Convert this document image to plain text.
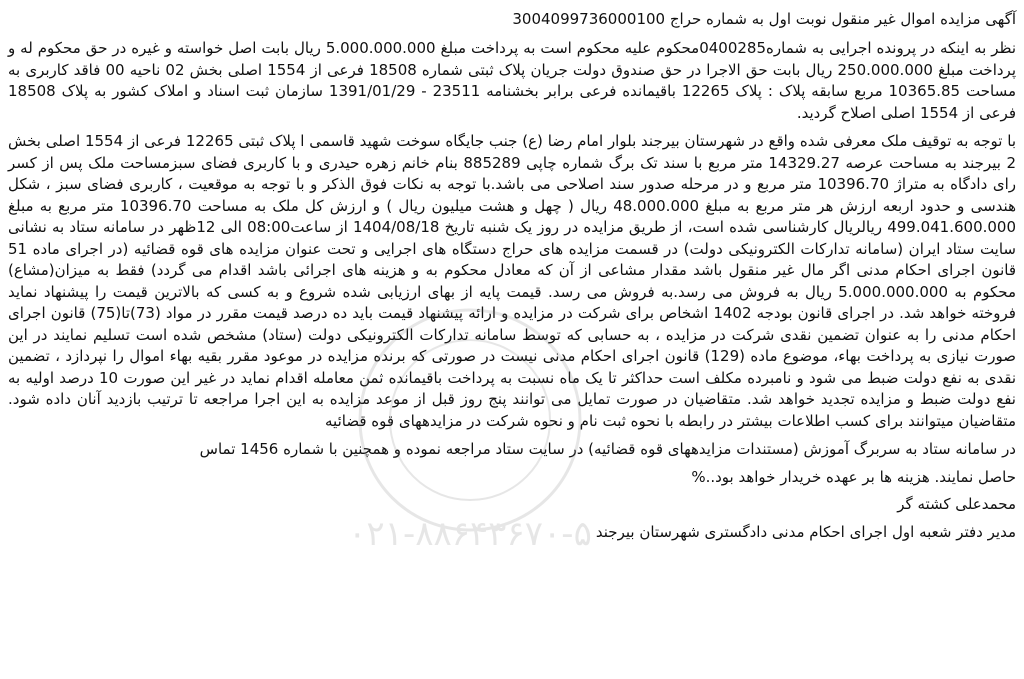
آگهی مزایده اموال غیر منقول نوبت اول به شماره حراج 3004099736000100
نظر به اینکه در پرونده اجرایی به شماره0400285محکوم علیه محکوم است به پرداخت مبلغ 5.000.000.000 ریال بابت اصل خواسته و غیره در حق محکوم له و پرداخت مبلغ 250.000.000 ریال بابت حق الاجرا در حق صندوق دولت جریان پلاک ثبتی شماره 18508 فرعی از 1554 اصلی بخش 02 ناحیه 00 فاقد کاربری به مساحت 10365.85 مربع سابقه پلاک : پلاک 12265 باقیمانده فرعی برابر بخشنامه 23511 - 1391/01/29 سازمان ثبت اسناد و املاک کشور به پلاک 18508 فرعی از 1554 اصلی اصلاح گردید.
با توجه به توقیف ملک معرفی شده واقع در شهرستان بیرجند بلوار امام رضا (ع) جنب جایگاه سوخت شهید قاسمی ا پلاک ثبتی 12265 فرعی از 1554 اصلی بخش 2 بیرجند به مساحت عرصه 14329.27 متر مربع با سند تک برگ شماره چاپی 885289 بنام خانم زهره حیدری و با کاربری فضای سبزمساحت ملک پس از کسر رای دادگاه به متراژ 10396.70 متر مربع و در مرحله صدور سند اصلاحی می باشد.با توجه به نکات فوق الذکر و با توجه به موقعیت ، کاربری فضای سبز ، شکل هندسی و حدود اربعه ارزش هر متر مربع به مبلغ 48.000.000 ریال ( چهل و هشت میلیون ریال ) و ارزش کل ملک به مساحت 10396.70 متر مربع به مبلغ 499.041.600.000 ریالریال کارشناسی شده است، از طریق مزایده در روز یک شنبه تاریخ 1404/08/18 از ساعت08:00 الی 12ظهر در سامانه ستاد به نشانی سایت ستاد ایران (سامانه تدارکات الکترونیکی دولت) در قسمت مزایده های حراج دستگاه های اجرایی و تحت عنوان مزایده های قوه قضائیه (در اجرای ماده 51 قانون اجرای احکام مدنی اگر مال غیر منقول باشد مقدار مشاعی از آن که معادل محکوم به و هزینه های اجرائی باشد اقدام می گردد) فقط به میزان(مشاع) محکوم به 5.000.000.000 ریال به فروش می رسد.به فروش می رسد. قیمت پایه از بهای ارزیابی شده شروع و به کسی که بالاترین قیمت را پیشنهاد نماید فروخته خواهد شد. در اجرای قانون بودجه 1402 اشخاص برای شرکت در مزایده و ارائه پیشنهاد قیمت باید ده درصد قیمت مقرر در مواد (73)تا(75) قانون اجرای احکام مدنی را به عنوان تضمین نقدی شرکت در مزایده ، به حسابی که توسط سامانه تدارکات الکترونیکی دولت (ستاد) مشخص شده است تسلیم نمایند در این صورت نیازی به پرداخت بهاء، موضوع ماده (129) قانون اجرای احکام مدنی نیست در صورتی که برنده مزایده در موعود مقرر بقیه بهاء اموال را نپردازد ، تضمین نقدی به نفع دولت ضبط می شود و نامبرده مکلف است حداکثر تا یک ماه نسبت به پرداخت باقیمانده ثمن معامله اقدام نماید در غیر این صورت 10 درصد اولیه به نفع دولت ضبط و مزایده تجدید خواهد شد. متقاضیان در صورت تمایل می توانند پنج روز قبل از موعد مزایده به این اجرا مراجعه تا ترتیب بازدید آنان داده شود. متقاضیان میتوانند برای کسب اطلاعات بیشتر در رابطه با نحوه ثبت نام و نحوه شرکت در مزایدههای قوه قضائیه
در سامانه ستاد به سربرگ آموزش (مستندات مزایدههای قوه قضائیه) در سایت ستاد مراجعه نموده و همچنین با شماره 1456 تماس
حاصل نمایند. هزینه ها بر عهده خریدار خواهد بود..%
محمدعلی کشته گر
مدیر دفتر شعبه اول اجرای احکام مدنی دادگستری شهرستان بیرجند
۰۲۱-۸۸۶۴۳۶۷۰-۵
